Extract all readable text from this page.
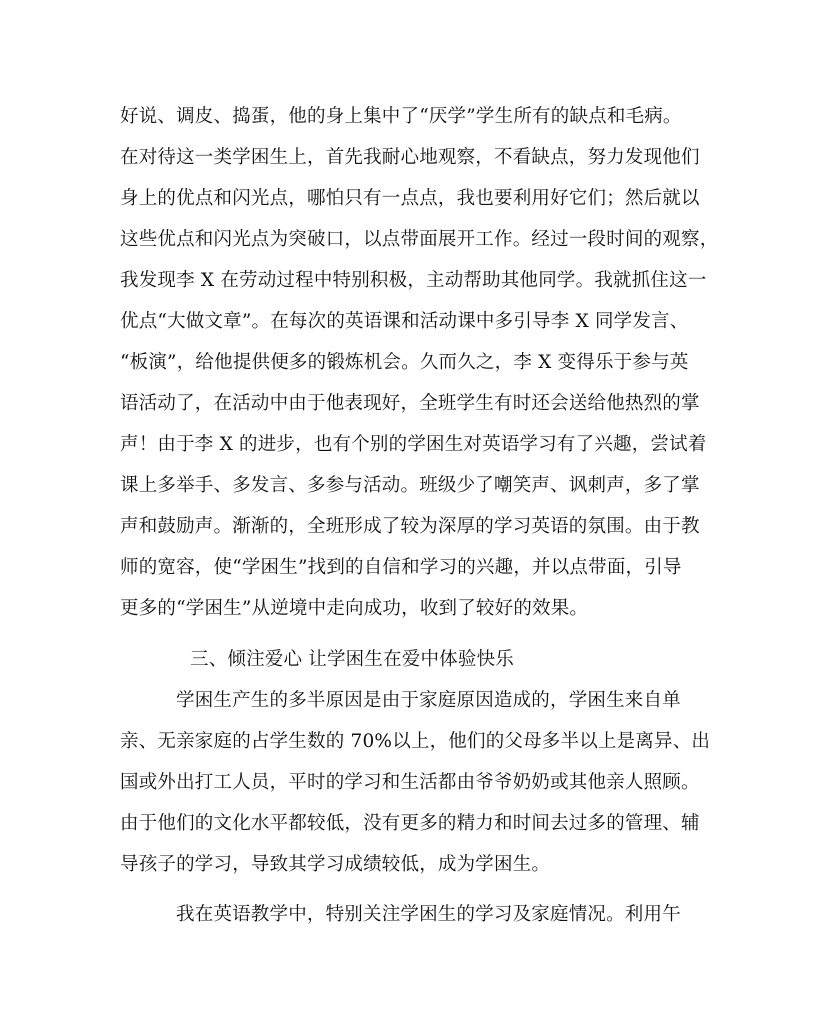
好说、调皮、捣蛋，他的身上集中了“厌学”学生所有的缺点和毛病。
在对待这一类学困生上，首先我耐心地观察，不看缺点，努力发现他们
身上的优点和闪光点，哪怕只有一点点，我也要利用好它们；然后就以
这些优点和闪光点为突破口，以点带面展开工作。经过一段时间的观察，
我发现李 X 在劳动过程中特别积极，主动帮助其他同学。我就抓住这一
优点“大做文章”。在每次的英语课和活动课中多引导李 X 同学发言、
“板演”，给他提供便多的锻炼机会。久而久之，李 X 变得乐于参与英
语活动了，在活动中由于他表现好，全班学生有时还会送给他热烈的掌
声！由于李 X 的进步，也有个别的学困生对英语学习有了兴趣，尝试着
课上多举手、多发言、多参与活动。班级少了嘲笑声、讽刺声，多了掌
声和鼓励声。渐渐的，全班形成了较为深厚的学习英语的氛围。由于教
师的宽容，使“学困生”找到的自信和学习的兴趣，并以点带面，引导
更多的“学困生”从逆境中走向成功，收到了较好的效果。
三、倾注爱心 让学困生在爱中体验快乐
学困生产生的多半原因是由于家庭原因造成的，学困生来自单
亲、无亲家庭的占学生数的 70%以上，他们的父母多半以上是离异、出
国或外出打工人员，平时的学习和生活都由爷爷奶奶或其他亲人照顾。
由于他们的文化水平都较低，没有更多的精力和时间去过多的管理、辅
导孩子的学习，导致其学习成绩较低，成为学困生。
我在英语教学中，特别关注学困生的学习及家庭情况。利用午
